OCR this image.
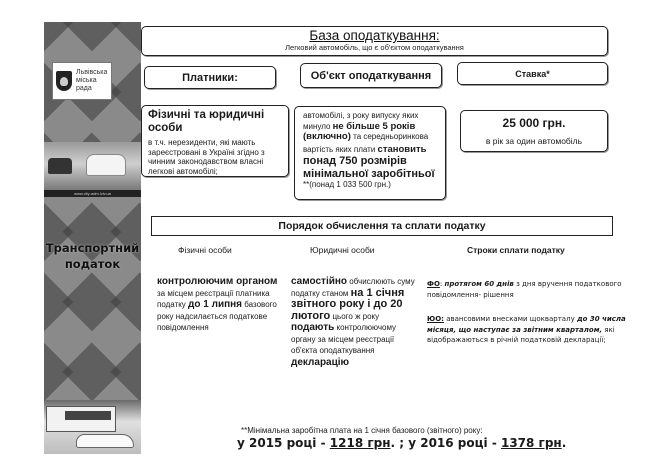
Львівська
міська
рада
www.city-adm.lviv.ua
Транспортний
податок
База оподаткування:
Легковий автомобіль, що є об'єктом оподаткування
Платники:	Об'єкт оподаткування	Ставка*
Фізичні та юридичні особи
в т.ч. нерезиденти, які мають зареєстровані в Україні згідно з чинним законодавством власні легкові автомобілі;
автомобілі, з року випуску яких минуло не більше 5 років (включно) та середньоринкова вартість яких плати становить понад 750 розмірів мінімальної заробітньої
**(понад 1 033 500 грн.)
25 000 грн.
в рік за один автомобіль
Порядок обчислення та сплати податку
Фізичні особи	Юридичні особи	Строки сплати податку
контролюючим органом за місцем реєстрації платника податку до 1 липня базового року надсилається податкове повідомлення
самостійно обчислюють суму податку станом на 1 січня звітного року і до 20 лютого цього ж року подають контролюючому органу за місцем реєстрації об'єкта оподаткування декларацію
ФО: протягом 60 днів з дня вручення податкового повідомлення- рішення
ЮО: авансовими внесками щокварталу до 30 числа місяця, що наступає за звітним кварталом, які відображаються в річній податковій декларації;
**Мінімальна заробітна плата на 1 січня базового (звітного) року:
у 2015 році - 1218 грн. ; у 2016 році - 1378 грн.
